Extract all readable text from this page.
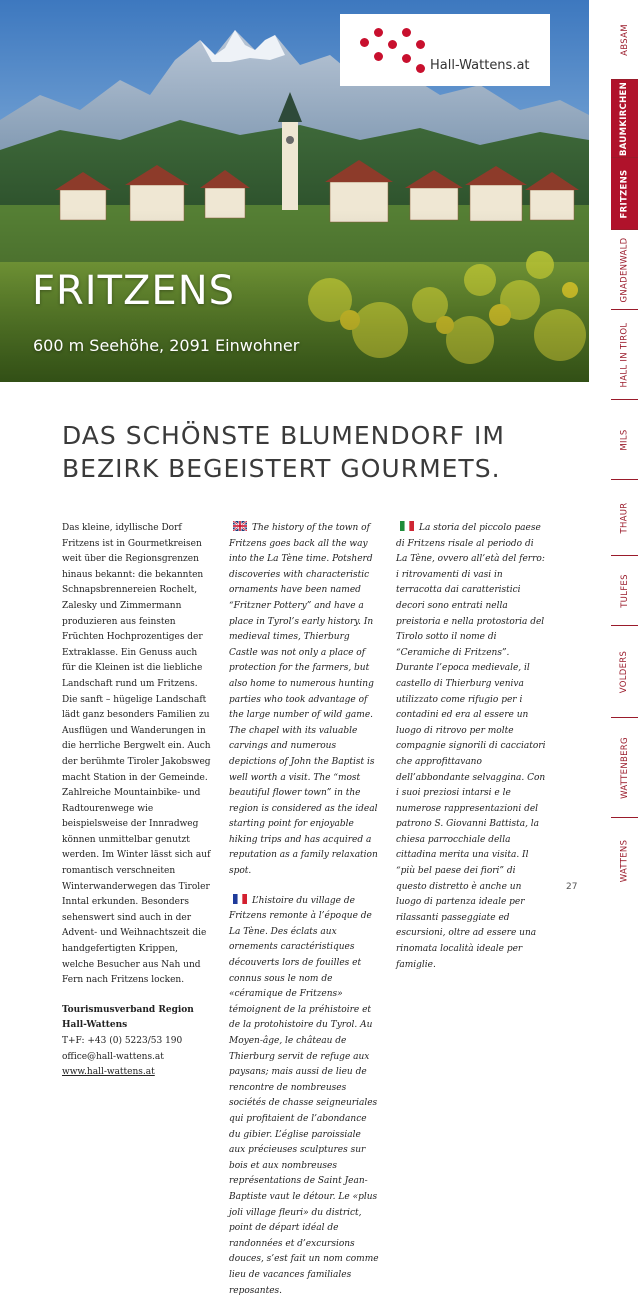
Hall-Wattens.at
FRITZENS
600 m Seehöhe, 2091 Einwohner
DAS SCHÖNSTE BLUMENDORF IM BEZIRK BEGEISTERT GOURMETS.

Das kleine, idyllische Dorf Fritzens ist in Gourmetkreisen weit über die Regionsgrenzen hinaus bekannt: die bekannten Schnapsbrennereien Rochelt, Zalesky und Zimmermann produzieren aus feinsten Früchten Hochprozentiges der Extraklasse. Ein Genuss auch für die Kleinen ist die liebliche Landschaft rund um Fritzens. Die sanft – hügelige Landschaft lädt ganz besonders Familien zu Ausflügen und Wanderungen in die herrliche Bergwelt ein. Auch der berühmte Tiroler Jakobsweg macht Station in der Gemeinde. Zahlreiche Mountainbike- und Radtourenwege wie beispielsweise der Innradweg können unmittelbar genutzt werden. Im Winter lässt sich auf romantisch verschneiten Winterwanderwegen das Tiroler Inntal erkunden. Besonders sehenswert sind auch in der Advent- und Weihnachtszeit die handgefertigten Krippen, welche Besucher aus Nah und Fern nach Fritzens locken.

Tourismusverband Region Hall-Wattens
T+F: +43 (0) 5223/53 190
office@hall-wattens.at
www.hall-wattens.at

The history of the town of Fritzens goes back all the way into the La Tène time. Potsherd discoveries with characteristic ornaments have been named “Fritzner Pottery” and have a place in Tyrol’s early history. In medieval times, Thierburg Castle was not only a place of protection for the farmers, but also home to numerous hunting parties who took advantage of the large number of wild game. The chapel with its valuable carvings and numerous depictions of John the Baptist is well worth a visit. The “most beautiful flower town” in the region is considered as the ideal starting point for enjoyable hiking trips and has acquired a reputation as a family relaxation spot.

L’histoire du village de Fritzens remonte à l’époque de La Tène. Des éclats aux ornements caractéristiques découverts lors de fouilles et connus sous le nom de «céramique de Fritzens» témoignent de la préhistoire et de la protohistoire du Tyrol. Au Moyen-âge, le château de Thierburg servit de refuge aux paysans; mais aussi de lieu de rencontre de nombreuses sociétés de chasse seigneuriales qui profitaient de l’abondance du gibier. L’église paroissiale aux précieuses sculptures sur bois et aux nombreuses représentations de Saint Jean-Baptiste vaut le détour. Le «plus joli village fleuri» du district, point de départ idéal de randonnées et d’excursions douces, s’est fait un nom comme lieu de vacances familiales reposantes.

La storia del piccolo paese di Fritzens risale al periodo di La Tène, ovvero all’età del ferro: i ritrovamenti di vasi in terracotta dai caratteristici decori sono entrati nella preistoria e nella protostoria del Tirolo sotto il nome di “Ceramiche di Fritzens”. Durante l’epoca medievale, il castello di Thierburg veniva utilizzato come rifugio per i contadini ed era al essere un luogo di ritrovo per molte compagnie signorili di cacciatori che approfittavano dell’abbondante selvaggina. Con i suoi preziosi intarsi e le numerose rappresentazioni del patrono S. Giovanni Battista, la chiesa parrocchiale della cittadina merita una visita. Il “più bel paese dei fiori” di questo distretto è anche un luogo di partenza ideale per rilassanti passeggiate ed escursioni, oltre ad essere una rinomata località ideale per famiglie.

27
ABSAM
BAUMKIRCHEN
FRITZENS
GNADENWALD
HALL IN TIROL
MILS
THAUR
TULFES
VOLDERS
WATTENBERG
WATTENS
